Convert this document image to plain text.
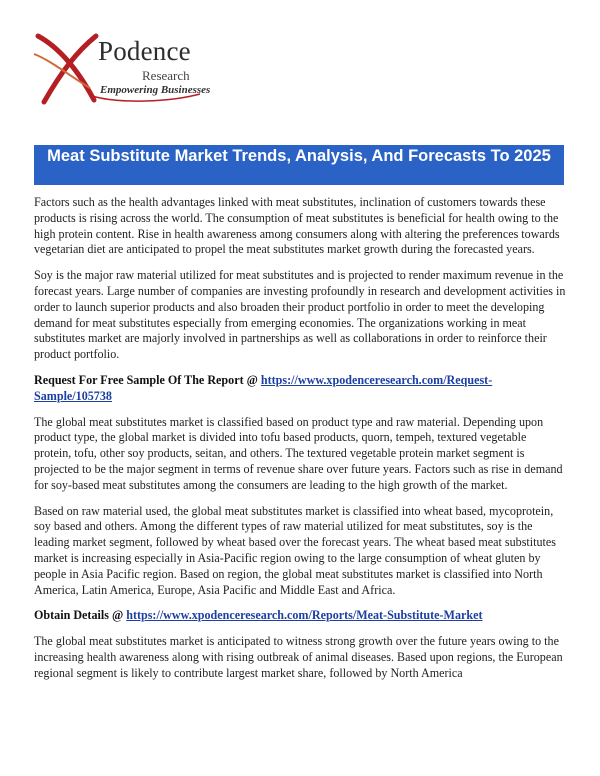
Podence
Research
Empowering Businesses
Meat Substitute Market Trends, Analysis, And Forecasts To 2025

Factors such as the health advantages linked with meat substitutes, inclination of customers towards these products is rising across the world. The consumption of meat substitutes is beneficial for health owing to the high protein content. Rise in health awareness among consumers along with altering the preferences towards vegetarian diet are anticipated to propel the meat substitutes market growth during the forecasted years.

Soy is the major raw material utilized for meat substitutes and is projected to render maximum revenue in the forecast years. Large number of companies are investing profoundly in research and development activities in order to launch superior products and also broaden their product portfolio in order to meet the developing demand for meat substitutes especially from emerging economies. The organizations working in meat substitutes market are majorly involved in partnerships as well as collaborations in order to reinforce their product portfolio.

Request For Free Sample Of The Report @ https://www.xpodenceresearch.com/Request-Sample/105738

The global meat substitutes market is classified based on product type and raw material. Depending upon product type, the global market is divided into tofu based products, quorn, tempeh, textured vegetable protein, tofu, other soy products, seitan, and others. The textured vegetable protein market segment is projected to be the major segment in terms of revenue share over future years. Factors such as rise in demand for soy-based meat substitutes among the consumers are leading to the high growth of the market.

Based on raw material used, the global meat substitutes market is classified into wheat based, mycoprotein, soy based and others. Among the different types of raw material utilized for meat substitutes, soy is the leading market segment, followed by wheat based over the forecast years. The wheat based meat substitutes market is increasing especially in Asia-Pacific region owing to the large consumption of wheat gluten by people in Asia Pacific region. Based on region, the global meat substitutes market is classified into North America, Latin America, Europe, Asia Pacific and Middle East and Africa.

Obtain Details @ https://www.xpodenceresearch.com/Reports/Meat-Substitute-Market

The global meat substitutes market is anticipated to witness strong growth over the future years owing to the increasing health awareness along with rising outbreak of animal diseases. Based upon regions, the European regional segment is likely to contribute largest market share, followed by North America
